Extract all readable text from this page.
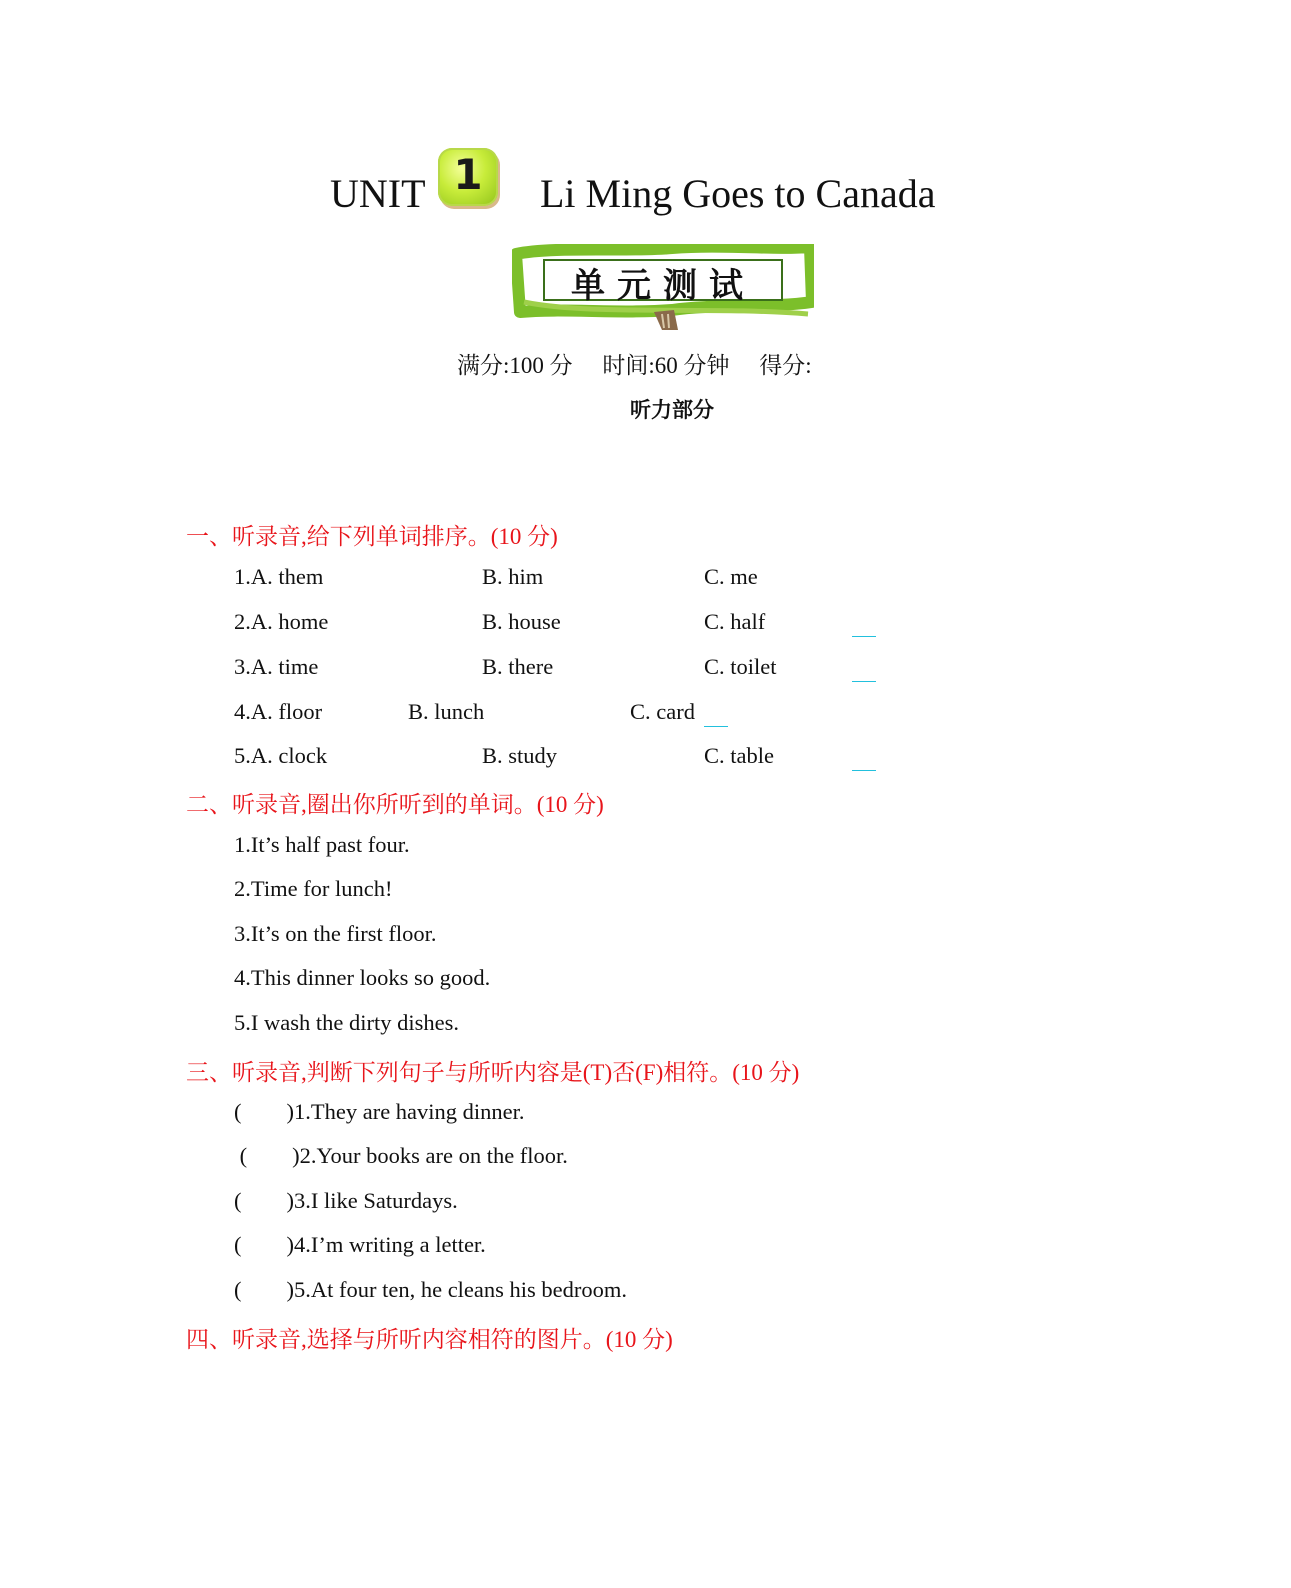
UNIT 1	Li Ming Goes to Canada
单元测试
满分:100 分 时间:60 分钟 得分:
听力部分
一、听录音,给下列单词排序。(10 分)
1.A. them	B. him	C. me
2.A. home	B. house	C. half
3.A. time	B. there	C. toilet
4.A. floor	B. lunch	C. card
5.A. clock	B. study	C. table
二、听录音,圈出你所听到的单词。(10 分)
1.It’s half past four.
2.Time for lunch!
3.It’s on the first floor.
4.This dinner looks so good.
5.I wash the dirty dishes.
三、听录音,判断下列句子与所听内容是(T)否(F)相符。(10 分)
(        )1.They are having dinner.
(        )2.Your books are on the floor.
(        )3.I like Saturdays.
(        )4.I’m writing a letter.
(        )5.At four ten, he cleans his bedroom.
四、听录音,选择与所听内容相符的图片。(10 分)
